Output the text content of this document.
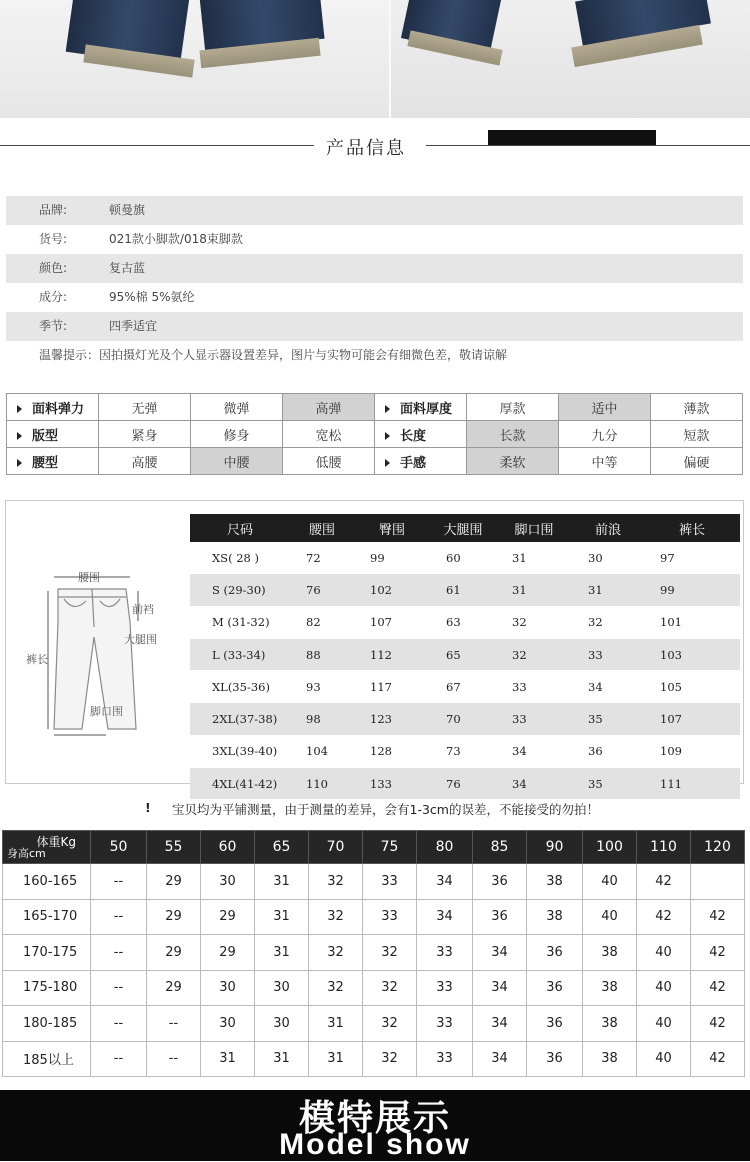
产品信息
品牌:	顿曼旗
货号:	021款小脚款/018束脚款
颜色:	复古蓝
成分:	95%棉 5%氨纶
季节:	四季适宜
温馨提示：因拍摄灯光及个人显示器设置差异，图片与实物可能会有细微色差，敬请谅解
面料弹力	无弹	微弹	高弹	面料厚度	厚款	适中	薄款
版型	紧身	修身	宽松	长度	长款	九分	短款
腰型	高腰	中腰	低腰	手感	柔软	中等	偏硬
腰围
前裆
大腿围
裤长
脚口围
尺码	腰围	臀围	大腿围	脚口围	前浪	裤长
XS( 28 )	72	99	60	31	30	97
S (29-30)	76	102	61	31	31	99
M (31-32)	82	107	63	32	32	101
L (33-34)	88	112	65	32	33	103
XL(35-36)	93	117	67	33	34	105
2XL(37-38)	98	123	70	33	35	107
3XL(39-40)	104	128	73	34	36	109
4XL(41-42)	110	133	76	34	35	111
! 宝贝均为平铺测量，由于测量的差异，会有1-3cm的误差，不能接受的勿拍！
体重Kg
身高cm	50	55	60	65	70	75	80	85	90	100	110	120
160-165	--	29	30	31	32	33	34	36	38	40	42	
165-170	--	29	29	31	32	33	34	36	38	40	42	42
170-175	--	29	29	31	32	32	33	34	36	38	40	42
175-180	--	29	30	30	32	32	33	34	36	38	40	42
180-185	--	--	30	30	31	32	33	34	36	38	40	42
185以上	--	--	31	31	31	32	33	34	36	38	40	42
模特展示
Model show
